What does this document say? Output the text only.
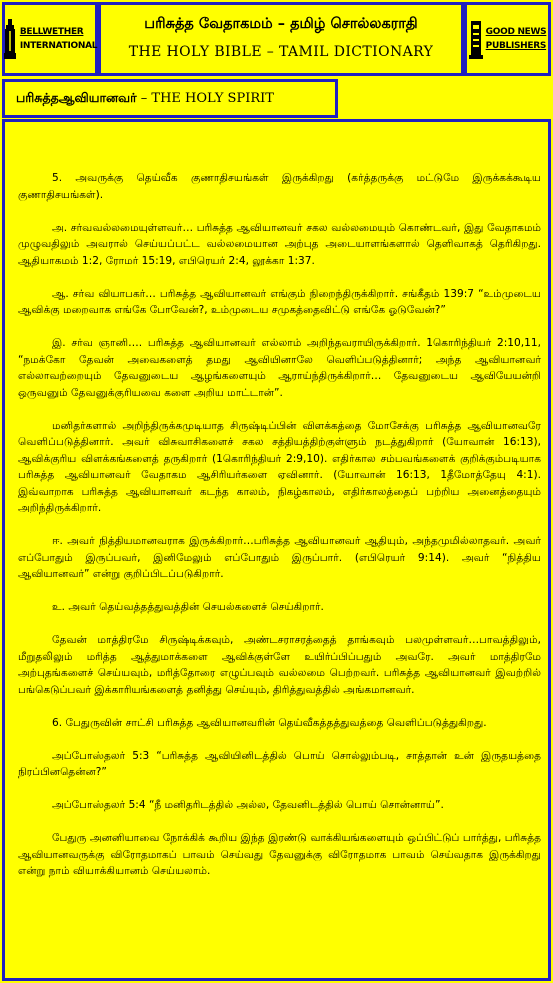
BELLWETHER
INTERNATIONAL
பரிசுத்த வேதாகமம் – தமிழ் சொல்லகராதி
THE HOLY BIBLE – TAMIL DICTIONARY
GOOD NEWS
PUBLISHERS
பரிசுத்தஆவியானவர் – THE HOLY SPIRIT

5. அவருக்கு தெய்வீக குணாதிசயங்கள் இருக்கிறது (கர்த்தருக்கு மட்டுமே இருக்கக்கூடிய குணாதிசயங்கள்).

அ. சர்வவல்லமையுள்ளவர்… பரிசுத்த ஆவியானவர் சகல வல்லமையும் கொண்டவர், இது வேதாகமம் முழுவதிலும் அவரால் செய்யப்பட்ட வல்லமையான அற்புத அடையாளங்களால் தெளிவாகத் தெரிகிறது. ஆதியாகமம் 1:2, ரோமர் 15:19, எபிரெயர் 2:4, லூக்கா 1:37.

ஆ. சர்வ வியாபகர்… பரிசுத்த ஆவியானவர் எங்கும் நிறைந்திருக்கிறார். சங்கீதம் 139:7 “உம்முடைய ஆவிக்கு மறைவாக எங்கே போவேன்?, உம்முடைய சமுகத்தைவிட்டு எங்கே ஓடுவேன்?”

இ. சர்வ ஞானி…. பரிசுத்த ஆவியானவர் எல்லாம் அறிந்தவராயிருக்கிறார். 1கொரிந்தியர் 2:10,11, “நமக்கோ தேவன் அவைகளைத் தமது ஆவியினாலே வெளிப்படுத்தினார்; அந்த ஆவியானவர் எல்லாவற்றையும் தேவனுடைய ஆழங்களையும் ஆராய்ந்திருக்கிறார்… தேவனுடைய ஆவியேயன்றி ஒருவனும் தேவனுக்குரியவை களை அறிய மாட்டான்”.

மனிதர்களால் அறிந்திருக்கமுடியாத சிருஷ்டிப்பின் விளக்கத்தை மோசேக்கு பரிசுத்த ஆவியானவரே வெளிப்படுத்தினார். அவர் விசுவாசிகளைச் சகல சத்தியத்திற்குள்ளும் நடத்துகிறார் (யோவான் 16:13), ஆவிக்குரிய விளக்கங்களைத் தருகிறார் (1கொரிந்தியர் 2:9,10). எதிர்கால சம்பவங்களைக் குறிக்கும்படியாக பரிசுத்த ஆவியானவர் வேதாகம ஆசிரியர்களை ஏவினார். (யோவான் 16:13, 1தீமோத்தேயு 4:1). இவ்வாறாக பரிசுத்த ஆவியானவர் கடந்த காலம், நிகழ்காலம், எதிர்காலத்தைப் பற்றிய அனைத்தையும் அறிந்திருக்கிறார்.

ஈ. அவர் நித்தியமானவராக இருக்கிறார்…பரிசுத்த ஆவியானவர் ஆதியும், அந்தமுமில்லாதவர். அவர் எப்போதும் இருப்பவர், இனிமேலும் எப்போதும் இருப்பார். (எபிரெயர் 9:14). அவர் “நித்திய ஆவியானவர்” என்று குறிப்பிடப்படுகிறார்.

உ. அவர் தெய்வத்தத்துவத்தின் செயல்களைச் செய்கிறார்.

தேவன் மாத்திரமே சிருஷ்டிக்கவும், அண்டசராசரத்தைத் தாங்கவும் பலமுள்ளவர்…பாவத்திலும், மீறுதலிலும் மரித்த ஆத்துமாக்களை ஆவிக்குள்ளே உயிர்ப்பிப்பதும் அவரே. அவர் மாத்திரமே அற்புதங்களைச் செய்யவும், மரித்தோரை எழுப்பவும் வல்லமை பெற்றவர். பரிசுத்த ஆவியானவர் இவற்றில் பங்கெடுப்பவர் இக்காரியங்களைத் தனித்து செய்யும், திரித்துவத்தில் அங்கமானவர்.

6. பேதுருவின் சாட்சி பரிசுத்த ஆவியானவரின் தெய்வீகத்தத்துவத்தை வெளிப்படுத்துகிறது.

அப்போஸ்தலர் 5:3 “பரிசுத்த ஆவியினிடத்தில் பொய் சொல்லும்படி, சாத்தான் உன் இருதயத்தை நிரப்பினதென்ன?”

அப்போஸ்தலர் 5:4 “நீ மனிதரிடத்தில் அல்ல, தேவனிடத்தில் பொய் சொன்னாய்”.

பேதுரு அனனியாவை நோக்கிக் கூறிய இந்த இரண்டு வாக்கியங்களையும் ஒப்பிட்டுப் பார்த்து, பரிசுத்த ஆவியானவருக்கு விரோதமாகப் பாவம் செய்வது தேவனுக்கு விரோதமாக பாவம் செய்வதாக இருக்கிறது என்று நாம் வியாக்கியானம் செய்யலாம்.
